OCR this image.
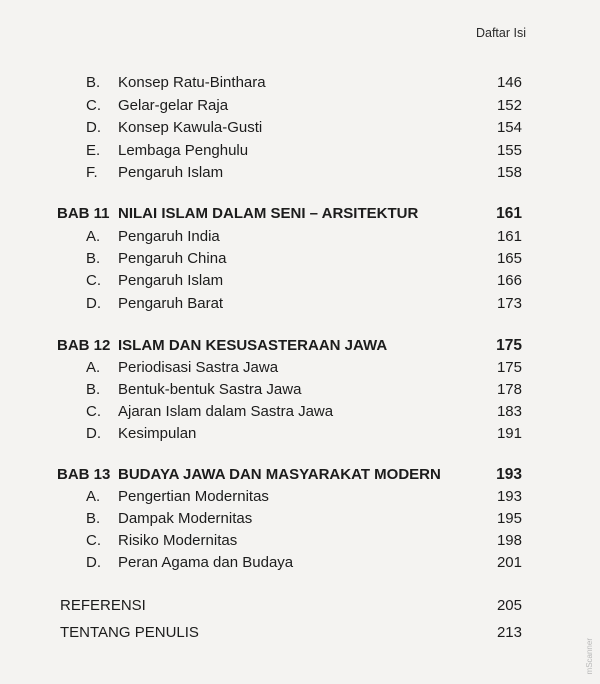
Daftar Isi
B. Konsep Ratu-Binthara	146
C. Gelar-gelar Raja	152
D. Konsep Kawula-Gusti	154
E. Lembaga Penghulu	155
F. Pengaruh Islam	158
BAB 11 NILAI ISLAM DALAM SENI – ARSITEKTUR	161
A. Pengaruh India	161
B. Pengaruh China	165
C. Pengaruh Islam	166
D. Pengaruh Barat	173
BAB 12 ISLAM DAN KESUSASTERAAN JAWA	175
A. Periodisasi Sastra Jawa	175
B. Bentuk-bentuk Sastra Jawa	178
C. Ajaran Islam dalam Sastra Jawa	183
D. Kesimpulan	191
BAB 13 BUDAYA JAWA DAN MASYARAKAT MODERN	193
A. Pengertian Modernitas	193
B. Dampak Modernitas	195
C. Risiko Modernitas	198
D. Peran Agama dan Budaya	201
REFERENSI	205
TENTANG PENULIS	213
mScanner
